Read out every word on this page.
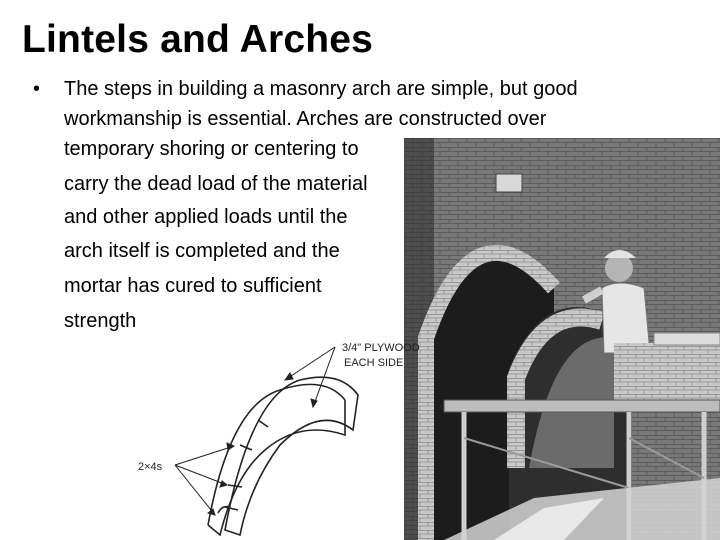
Lintels and Arches
• The steps in building a masonry arch are simple, but good
workmanship is essential. Arches are constructed over
temporary shoring or centering to
carry the dead load of the material
and other applied loads until the
arch itself is completed and the
mortar has cured to sufficient
strength
3/4" PLYWOOD
EACH SIDE
2×4s
